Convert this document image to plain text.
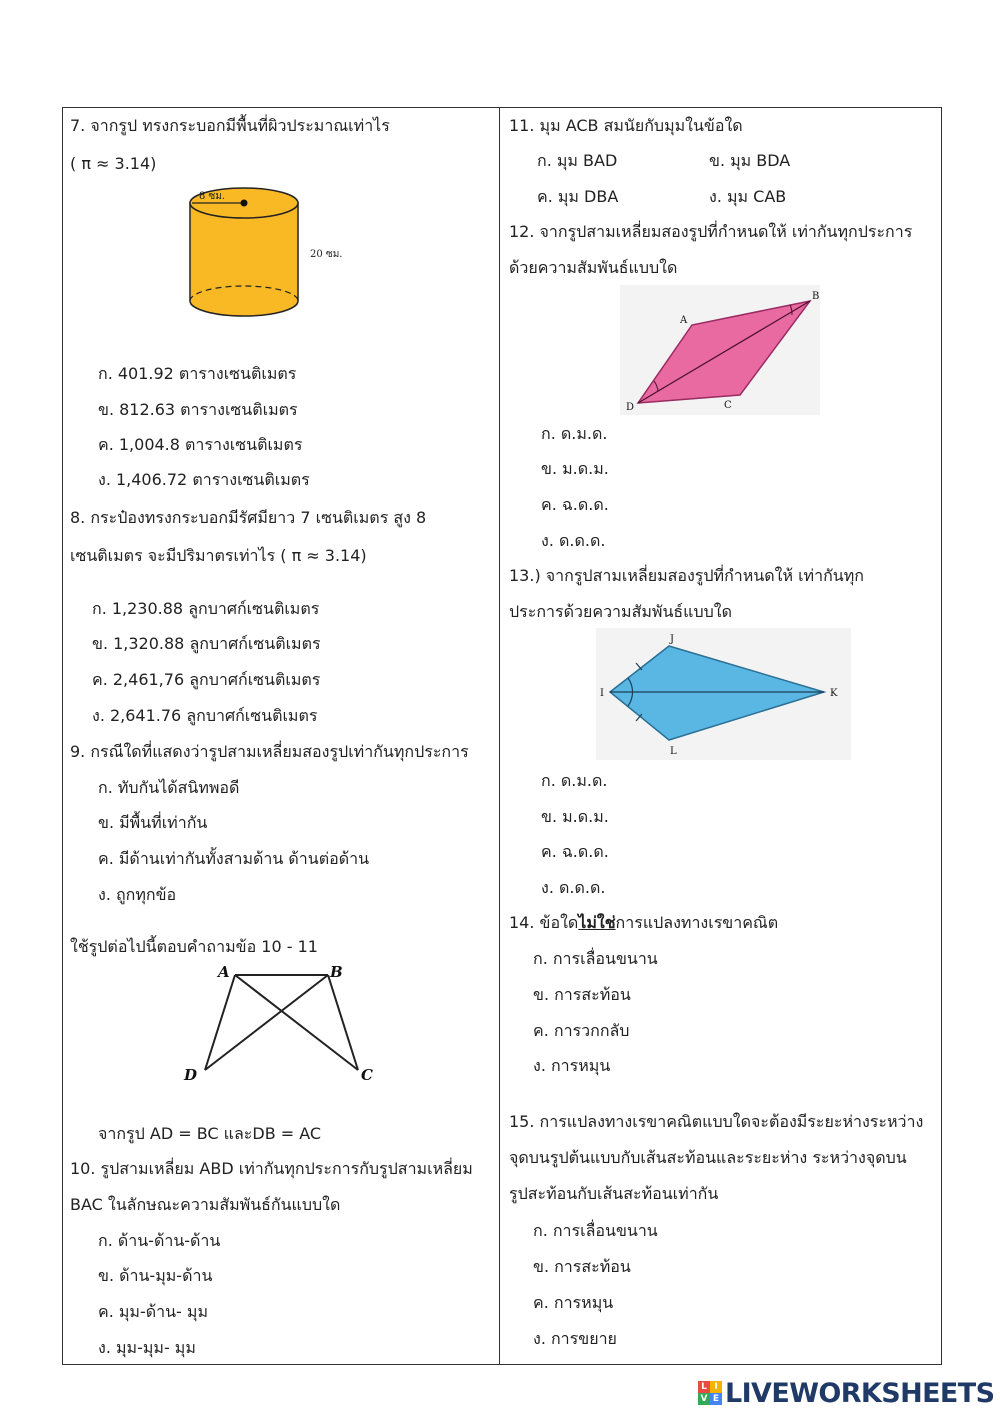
7. จากรูป ทรงกระบอกมีพื้นที่ผิวประมาณเท่าไร
( π ≈ 3.14)
8 ซม.
20 ซม.
ก. 401.92 ตารางเซนติเมตร
ข. 812.63 ตารางเซนติเมตร
ค. 1,004.8 ตารางเซนติเมตร
ง. 1,406.72 ตารางเซนติเมตร
8. กระป๋องทรงกระบอกมีรัศมียาว 7 เซนติเมตร สูง 8
เซนติเมตร จะมีปริมาตรเท่าไร ( π ≈ 3.14)
ก. 1,230.88 ลูกบาศก์เซนติเมตร
ข. 1,320.88 ลูกบาศก์เซนติเมตร
ค. 2,461,76 ลูกบาศก์เซนติเมตร
ง. 2,641.76 ลูกบาศก์เซนติเมตร
9. กรณีใดที่แสดงว่ารูปสามเหลี่ยมสองรูปเท่ากันทุกประการ
ก. ทับกันได้สนิทพอดี
ข. มีพื้นที่เท่ากัน
ค. มีด้านเท่ากันทั้งสามด้าน ด้านต่อด้าน
ง. ถูกทุกข้อ
ใช้รูปต่อไปนี้ตอบคำถามข้อ 10 - 11
A	B
D	C
จากรูป AD = BC และDB = AC
10. รูปสามเหลี่ยม ABD เท่ากันทุกประการกับรูปสามเหลี่ยม
BAC ในลักษณะความสัมพันธ์กันแบบใด
ก. ด้าน-ด้าน-ด้าน
ข. ด้าน-มุม-ด้าน
ค. มุม-ด้าน- มุม
ง. มุม-มุม- มุม
11. มุม ACB สมนัยกับมุมในข้อใด
ก. มุม BAD	ข. มุม BDA
ค. มุม DBA	ง. มุม CAB
12. จากรูปสามเหลี่ยมสองรูปที่กำหนดให้ เท่ากันทุกประการ
ด้วยความสัมพันธ์แบบใด
A
B
D	C
ก. ด.ม.ด.
ข. ม.ด.ม.
ค. ฉ.ด.ด.
ง. ด.ด.ด.
13.) จากรูปสามเหลี่ยมสองรูปที่กำหนดให้ เท่ากันทุก
ประการด้วยความสัมพันธ์แบบใด
J
I	K
L
ก. ด.ม.ด.
ข. ม.ด.ม.
ค. ฉ.ด.ด.
ง. ด.ด.ด.
14. ข้อใดไม่ใช่การแปลงทางเรขาคณิต
ก. การเลื่อนขนาน
ข. การสะท้อน
ค. การวกกลับ
ง. การหมุน
15. การแปลงทางเรขาคณิตแบบใดจะต้องมีระยะห่างระหว่าง
จุดบนรูปต้นแบบกับเส้นสะท้อนและระยะห่าง ระหว่างจุดบน
รูปสะท้อนกับเส้นสะท้อนเท่ากัน
ก. การเลื่อนขนาน
ข. การสะท้อน
ค. การหมุน
ง. การขยาย
L I
V E LIVEWORKSHEETS
